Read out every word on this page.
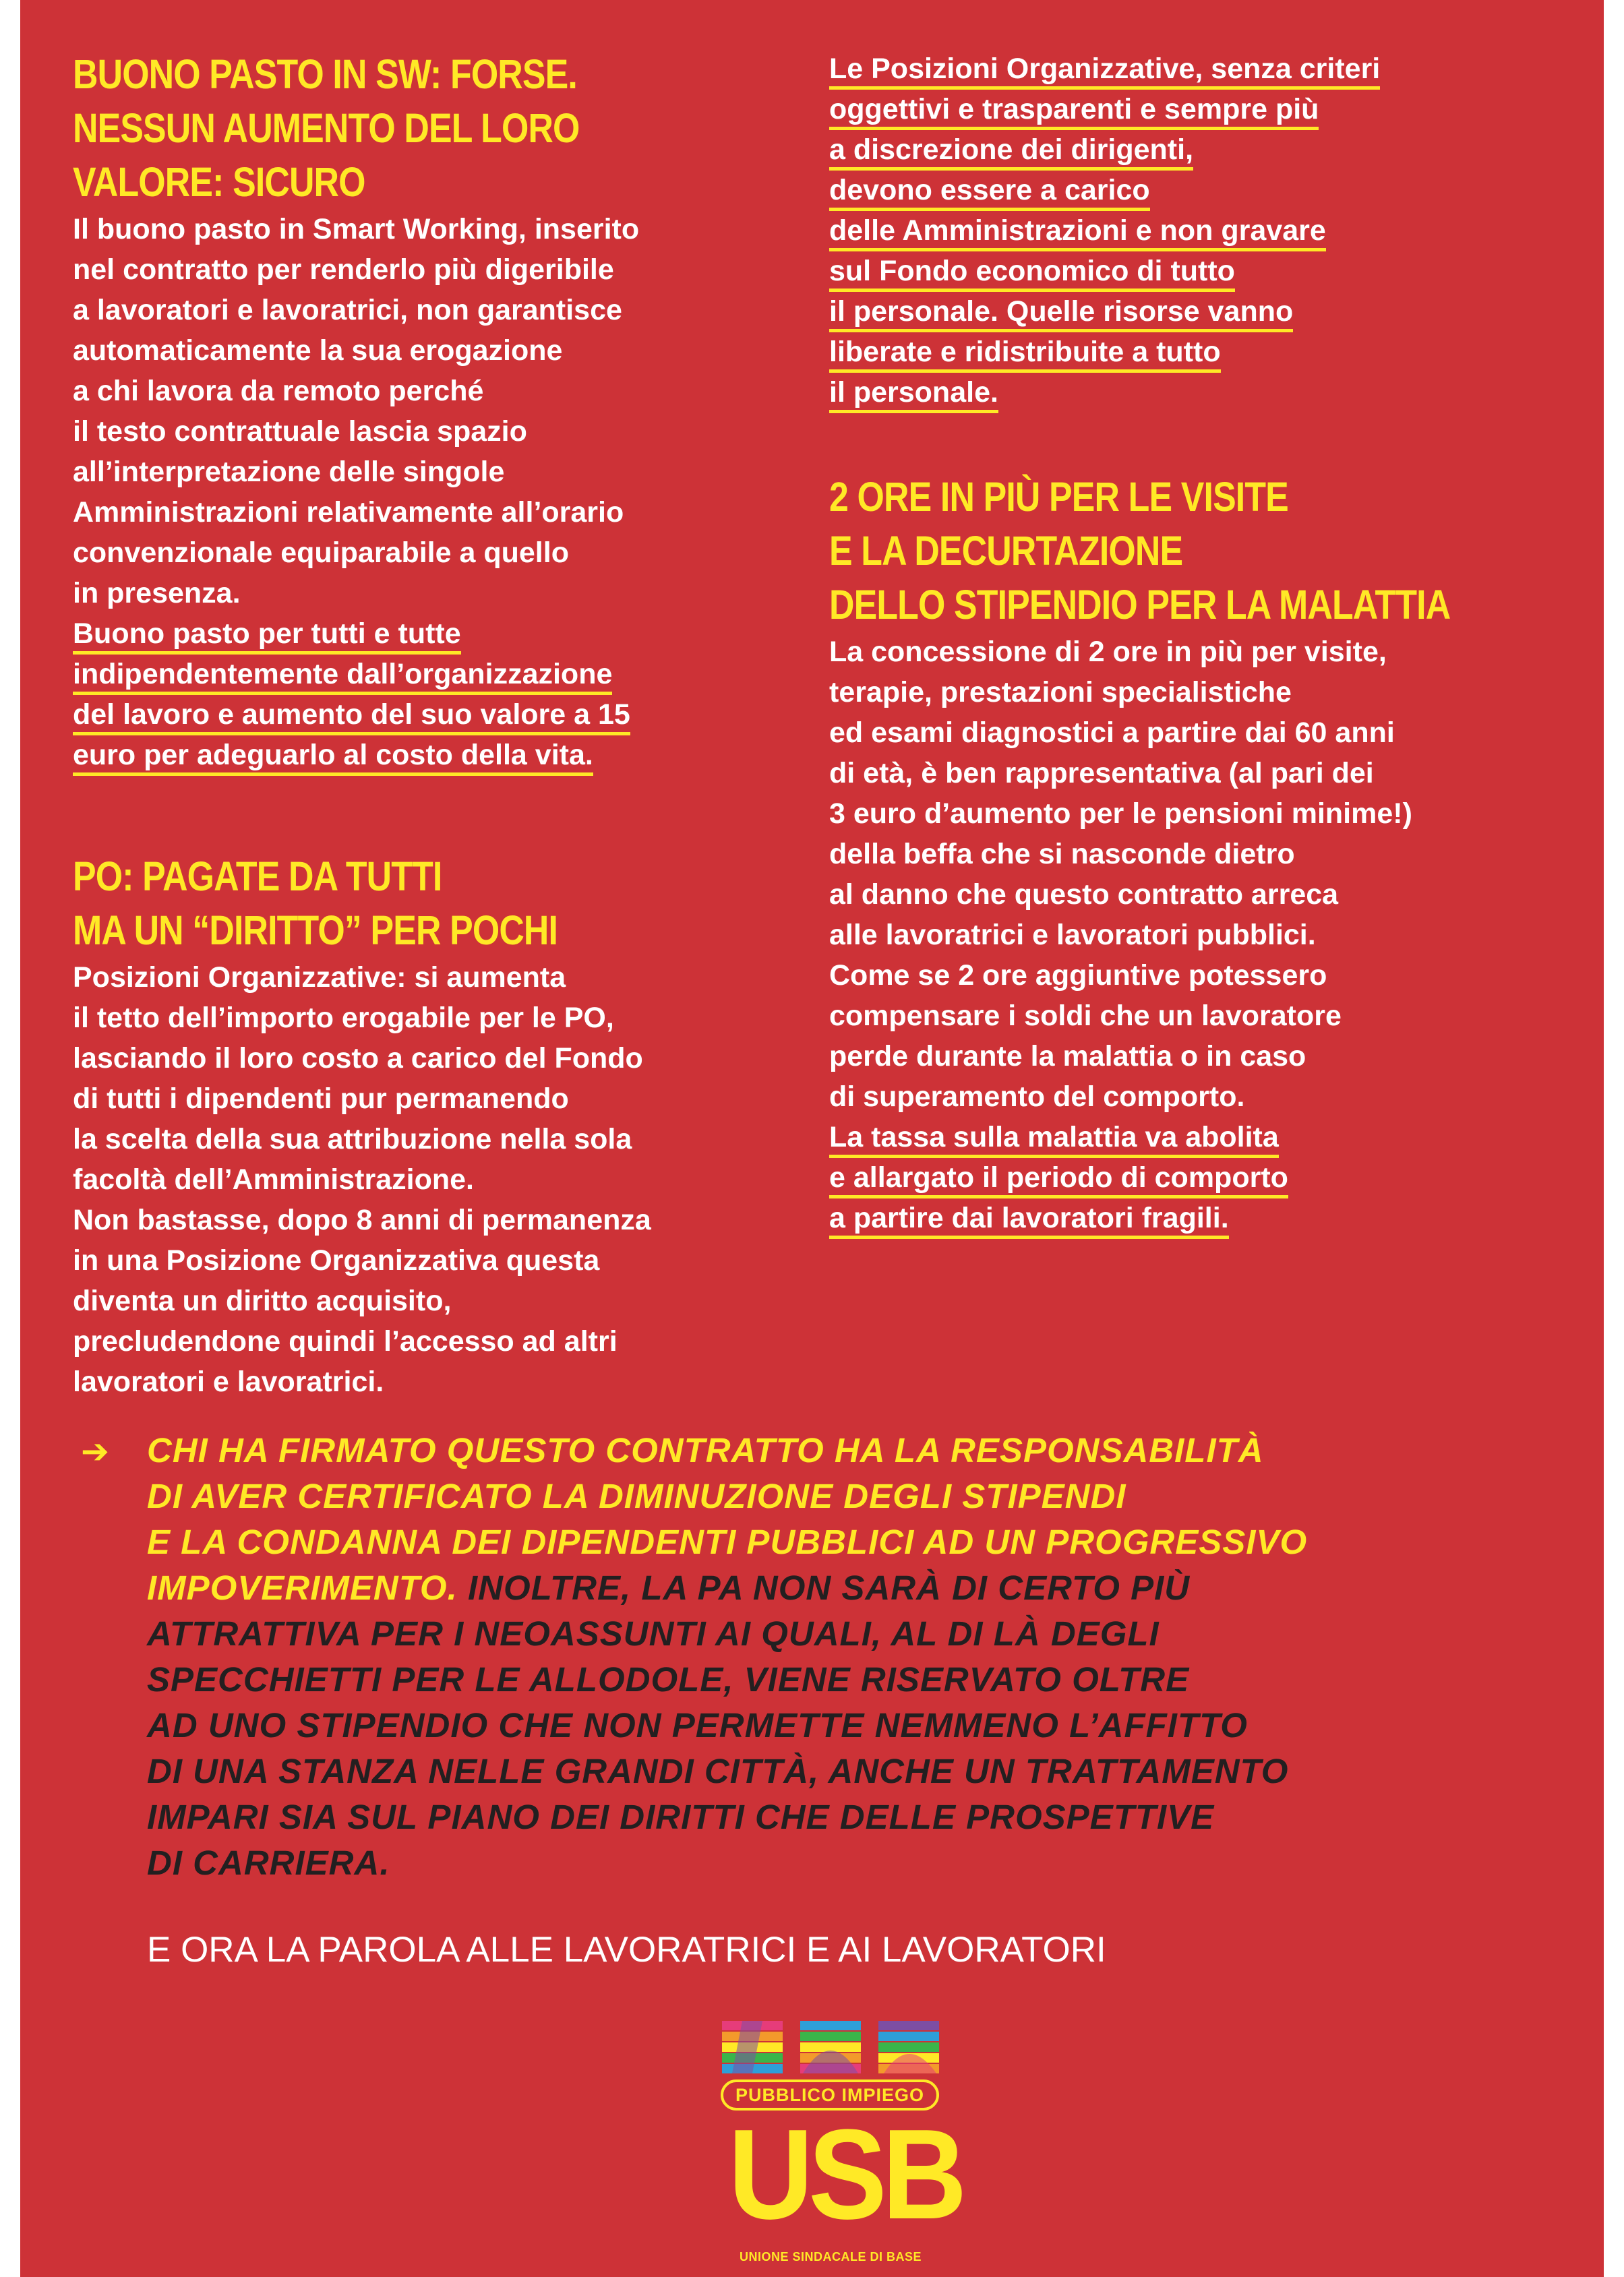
BUONO PASTO IN SW: FORSE.
NESSUN AUMENTO DEL LORO
VALORE: SICURO

Il buono pasto in Smart Working, inserito
nel contratto per renderlo più digeribile
a lavoratori e lavoratrici, non garantisce
automaticamente la sua erogazione
a chi lavora da remoto perché
il testo contrattuale lascia spazio
all’interpretazione delle singole
Amministrazioni relativamente all’orario
convenzionale equiparabile a quello
in presenza.

Buono pasto per tutti e tutte

indipendentemente dall’organizzazione

del lavoro e aumento del suo valore a 15

euro per adeguarlo al costo della vita.

PO: PAGATE DA TUTTI
MA UN “DIRITTO” PER POCHI

Posizioni Organizzative: si aumenta
il tetto dell’importo erogabile per le PO,
lasciando il loro costo a carico del Fondo
di tutti i dipendenti pur permanendo
la scelta della sua attribuzione nella sola
facoltà dell’Amministrazione.
Non bastasse, dopo 8 anni di permanenza
in una Posizione Organizzativa questa
diventa un diritto acquisito,
precludendone quindi l’accesso ad altri
lavoratori e lavoratrici.

Le Posizioni Organizzative, senza criteri

oggettivi e trasparenti e sempre più

a discrezione dei dirigenti,

devono essere a carico

delle Amministrazioni e non gravare

sul Fondo economico di tutto

il personale. Quelle risorse vanno

liberate e ridistribuite a tutto

il personale.

2 ORE IN PIÙ PER LE VISITE
E LA DECURTAZIONE
DELLO STIPENDIO PER LA MALATTIA

La concessione di 2 ore in più per visite,
terapie, prestazioni specialistiche
ed esami diagnostici a partire dai 60 anni
di età, è ben rappresentativa (al pari dei
3 euro d’aumento per le pensioni minime!)
della beffa che si nasconde dietro
al danno che questo contratto arreca
alle lavoratrici e lavoratori pubblici.
Come se 2 ore aggiuntive potessero
compensare i soldi che un lavoratore
perde durante la malattia o in caso
di superamento del comporto.

La tassa sulla malattia va abolita

e allargato il periodo di comporto

a partire dai lavoratori fragili.

➔ CHI HA FIRMATO QUESTO CONTRATTO HA LA RESPONSABILITÀ
DI AVER CERTIFICATO LA DIMINUZIONE DEGLI STIPENDI
E LA CONDANNA DEI DIPENDENTI PUBBLICI AD UN PROGRESSIVO
IMPOVERIMENTO. INOLTRE, LA PA NON SARÀ DI CERTO PIÙ
ATTRATTIVA PER I NEOASSUNTI AI QUALI, AL DI LÀ DEGLI
SPECCHIETTI PER LE ALLODOLE, VIENE RISERVATO OLTRE
AD UNO STIPENDIO CHE NON PERMETTE NEMMENO L’AFFITTO
DI UNA STANZA NELLE GRANDI CITTÀ, ANCHE UN TRATTAMENTO
IMPARI SIA SUL PIANO DEI DIRITTI CHE DELLE PROSPETTIVE
DI CARRIERA.

E ORA LA PAROLA ALLE LAVORATRICI E AI LAVORATORI

PUBBLICO IMPIEGO
USB
UNIONE SINDACALE DI BASE
